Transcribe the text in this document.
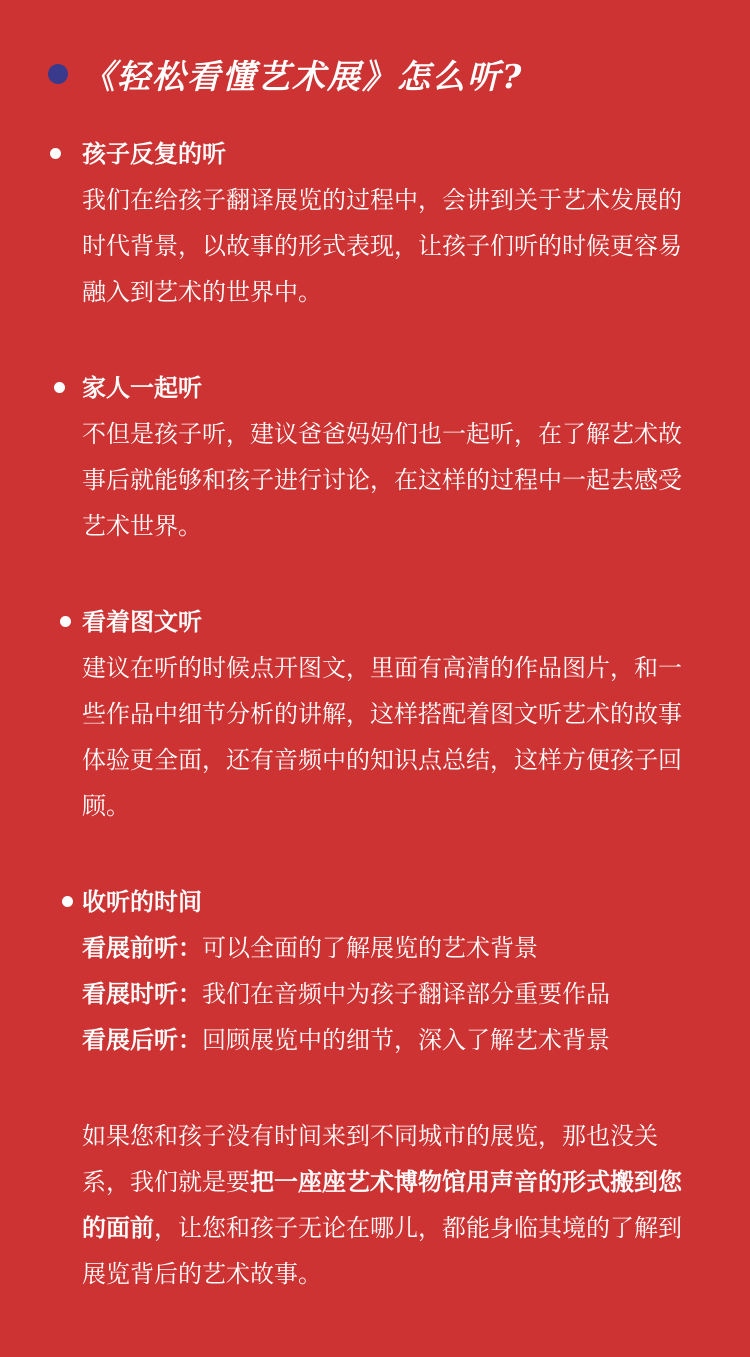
《轻松看懂艺术展》怎么听?

孩子反复的听

我们在给孩子翻译展览的过程中，会讲到关于艺术发展的时代背景，以故事的形式表现，让孩子们听的时候更容易融入到艺术的世界中。

家人一起听

不但是孩子听，建议爸爸妈妈们也一起听，在了解艺术故事后就能够和孩子进行讨论，在这样的过程中一起去感受艺术世界。

看着图文听

建议在听的时候点开图文，里面有高清的作品图片，和一些作品中细节分析的讲解，这样搭配着图文听艺术的故事体验更全面，还有音频中的知识点总结，这样方便孩子回顾。

收听的时间

看展前听：可以全面的了解展览的艺术背景
看展时听：我们在音频中为孩子翻译部分重要作品
看展后听：回顾展览中的细节，深入了解艺术背景

如果您和孩子没有时间来到不同城市的展览，那也没关系，我们就是要把一座座艺术博物馆用声音的形式搬到您的面前，让您和孩子无论在哪儿，都能身临其境的了解到展览背后的艺术故事。
